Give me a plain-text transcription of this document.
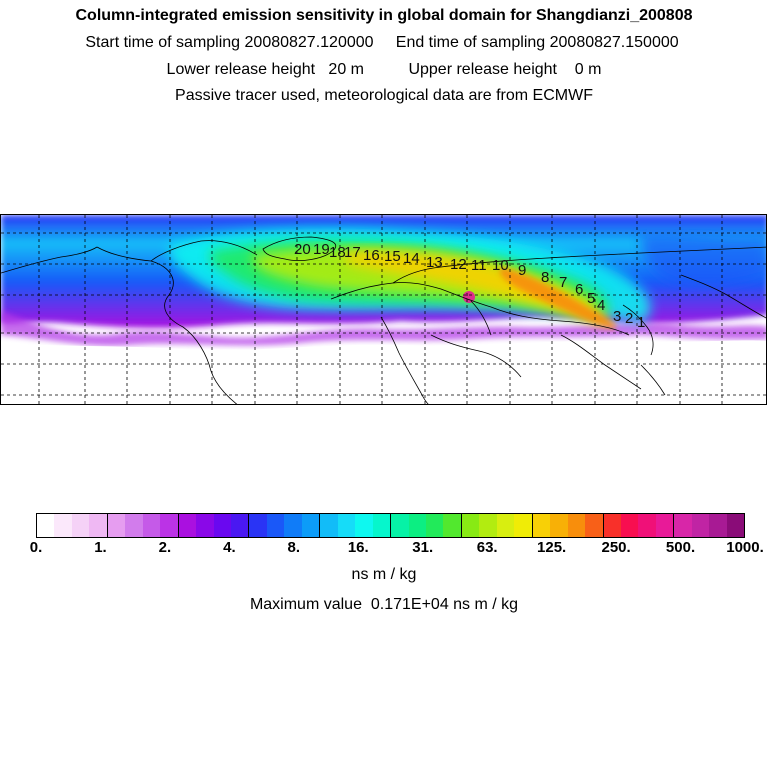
Column-integrated emission sensitivity in global domain for Shangdianzi_200808
Start time of sampling 20080827.120000     End time of sampling 20080827.150000
Lower release height   20 m          Upper release height    0 m
Passive tracer used, meteorological data are from ECMWF
20 19 18
17 16 15 14 13 12 11 10 9 8 7 6
5 4
3 2 1
0.	1.	2.	4.	8.	16.	31.	63.	125. 250. 500. 1000.
ns m / kg
Maximum value  0.171E+04 ns m / kg
